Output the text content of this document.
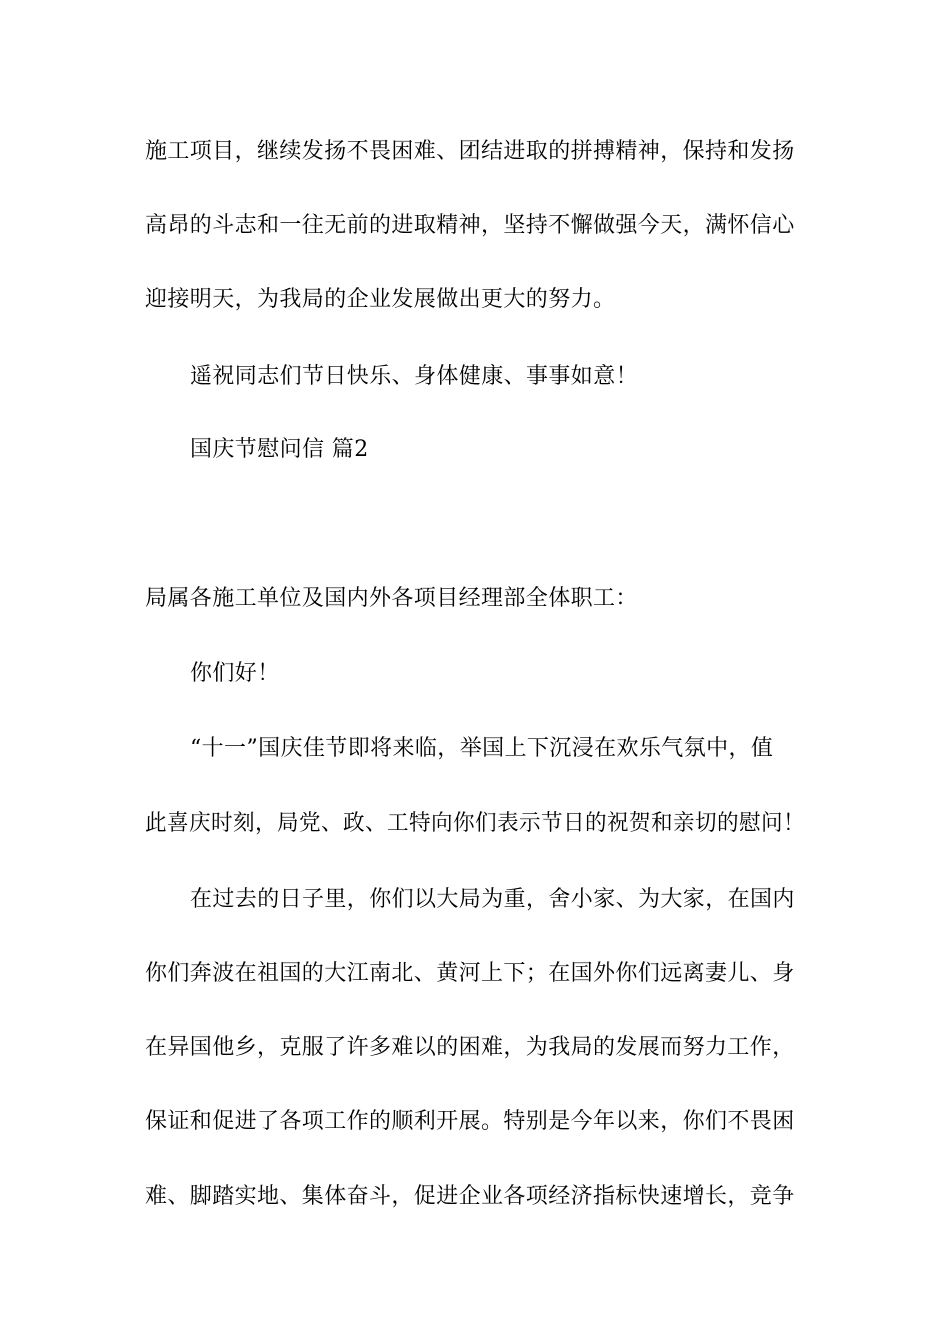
施工项目，继续发扬不畏困难、团结进取的拼搏精神，保持和发扬
高昂的斗志和一往无前的进取精神，坚持不懈做强今天，满怀信心
迎接明天，为我局的企业发展做出更大的努力。
遥祝同志们节日快乐、身体健康、事事如意！
国庆节慰问信 篇2
局属各施工单位及国内外各项目经理部全体职工：
你们好！
“十一”国庆佳节即将来临，举国上下沉浸在欢乐气氛中，值
此喜庆时刻，局党、政、工特向你们表示节日的祝贺和亲切的慰问！
在过去的日子里，你们以大局为重，舍小家、为大家，在国内
你们奔波在祖国的大江南北、黄河上下；在国外你们远离妻儿、身
在异国他乡，克服了许多难以的困难，为我局的发展而努力工作，
保证和促进了各项工作的顺利开展。特别是今年以来，你们不畏困
难、脚踏实地、集体奋斗，促进企业各项经济指标快速增长，竞争
